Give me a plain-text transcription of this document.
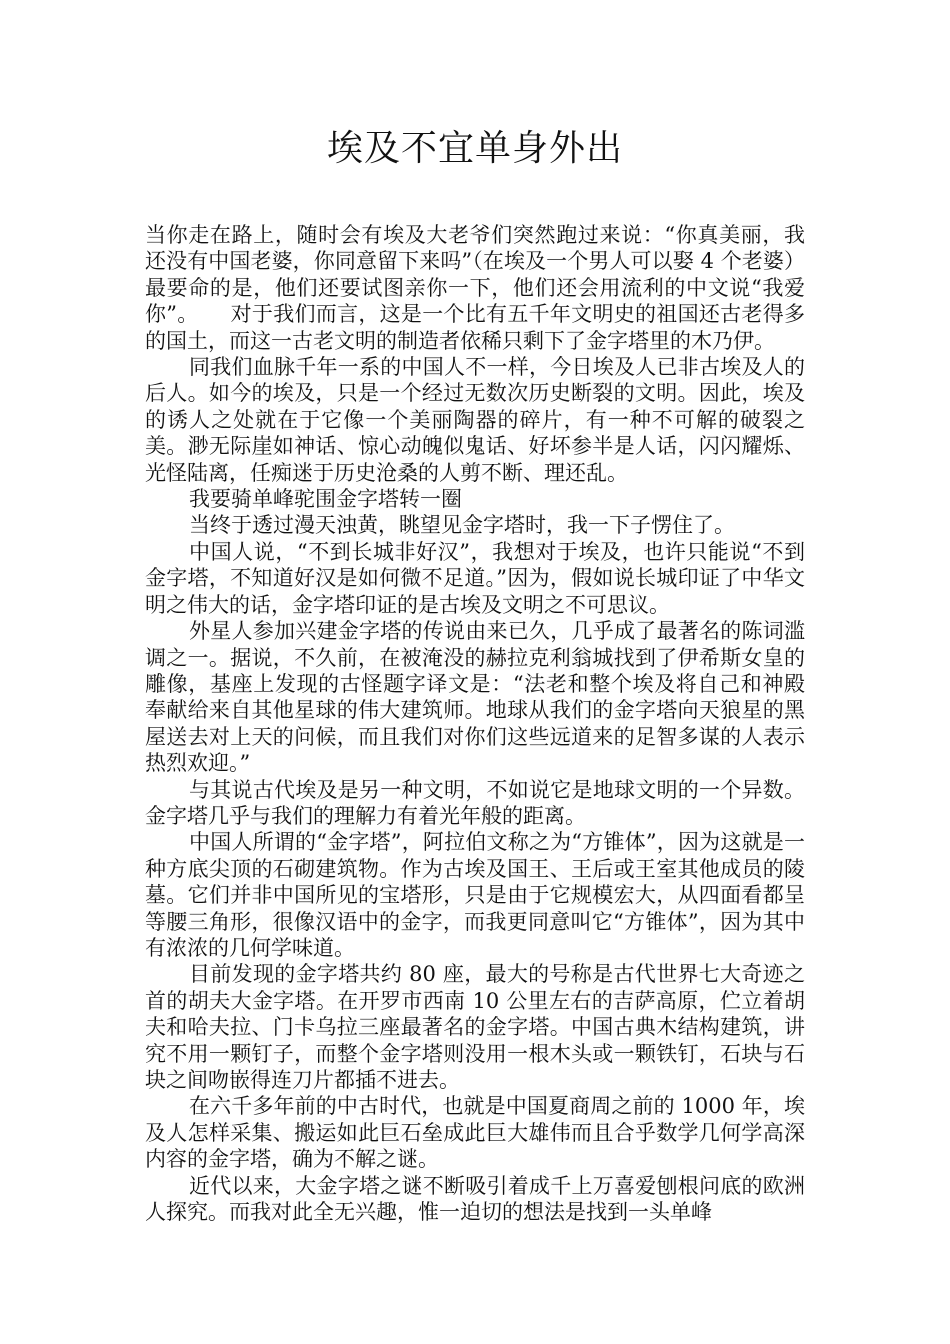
埃及不宜单身外出

当你走在路上，随时会有埃及大老爷们突然跑过来说：“你真美丽，我还没有中国老婆，你同意留下来吗”（在埃及一个男人可以娶 4 个老婆）最要命的是，他们还要试图亲你一下，他们还会用流利的中文说“我爱你”。　　对于我们而言，这是一个比有五千年文明史的祖国还古老得多的国土，而这一古老文明的制造者依稀只剩下了金字塔里的木乃伊。

同我们血脉千年一系的中国人不一样，今日埃及人已非古埃及人的后人。如今的埃及，只是一个经过无数次历史断裂的文明。因此，埃及的诱人之处就在于它像一个美丽陶器的碎片，有一种不可解的破裂之美。渺无际崖如神话、惊心动魄似鬼话、好坏参半是人话，闪闪耀烁、光怪陆离，任痴迷于历史沧桑的人剪不断、理还乱。

我要骑单峰驼围金字塔转一圈

当终于透过漫天浊黄，眺望见金字塔时，我一下子愣住了。

中国人说，“不到长城非好汉”，我想对于埃及，也许只能说“不到金字塔，不知道好汉是如何微不足道。”因为，假如说长城印证了中华文明之伟大的话，金字塔印证的是古埃及文明之不可思议。

外星人参加兴建金字塔的传说由来已久，几乎成了最著名的陈词滥调之一。据说，不久前，在被淹没的赫拉克利翁城找到了伊希斯女皇的雕像，基座上发现的古怪题字译文是：“法老和整个埃及将自己和神殿奉献给来自其他星球的伟大建筑师。地球从我们的金字塔向天狼星的黑屋送去对上天的问候，而且我们对你们这些远道来的足智多谋的人表示热烈欢迎。”

与其说古代埃及是另一种文明，不如说它是地球文明的一个异数。金字塔几乎与我们的理解力有着光年般的距离。

中国人所谓的“金字塔”，阿拉伯文称之为“方锥体”，因为这就是一种方底尖顶的石砌建筑物。作为古埃及国王、王后或王室其他成员的陵墓。它们并非中国所见的宝塔形，只是由于它规模宏大，从四面看都呈等腰三角形，很像汉语中的金字，而我更同意叫它“方锥体”，因为其中有浓浓的几何学味道。

目前发现的金字塔共约 80 座，最大的号称是古代世界七大奇迹之首的胡夫大金字塔。在开罗市西南 10 公里左右的吉萨高原，伫立着胡夫和哈夫拉、门卡乌拉三座最著名的金字塔。中国古典木结构建筑，讲究不用一颗钉子，而整个金字塔则没用一根木头或一颗铁钉，石块与石块之间吻嵌得连刀片都插不进去。

在六千多年前的中古时代，也就是中国夏商周之前的 1000 年，埃及人怎样采集、搬运如此巨石垒成此巨大雄伟而且合乎数学几何学高深内容的金字塔，确为不解之谜。

近代以来，大金字塔之谜不断吸引着成千上万喜爱刨根问底的欧洲人探究。而我对此全无兴趣，惟一迫切的想法是找到一头单峰
